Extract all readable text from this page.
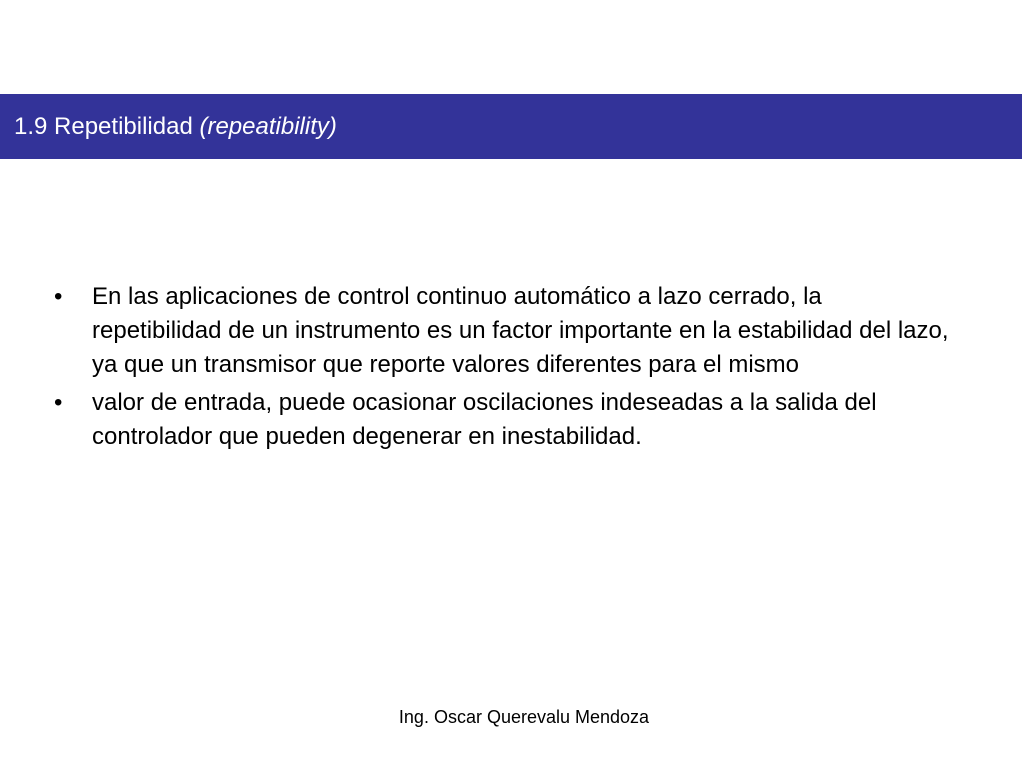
1.9 Repetibilidad (repeatibility)
•	En las aplicaciones de control continuo automático a lazo cerrado, la repetibilidad de un instrumento es un factor importante en la estabilidad del lazo, ya que un transmisor que reporte valores diferentes para el mismo
•	valor de entrada, puede ocasionar oscilaciones indeseadas a la salida del controlador que pueden degenerar en inestabilidad.
Ing. Oscar Querevalu Mendoza
